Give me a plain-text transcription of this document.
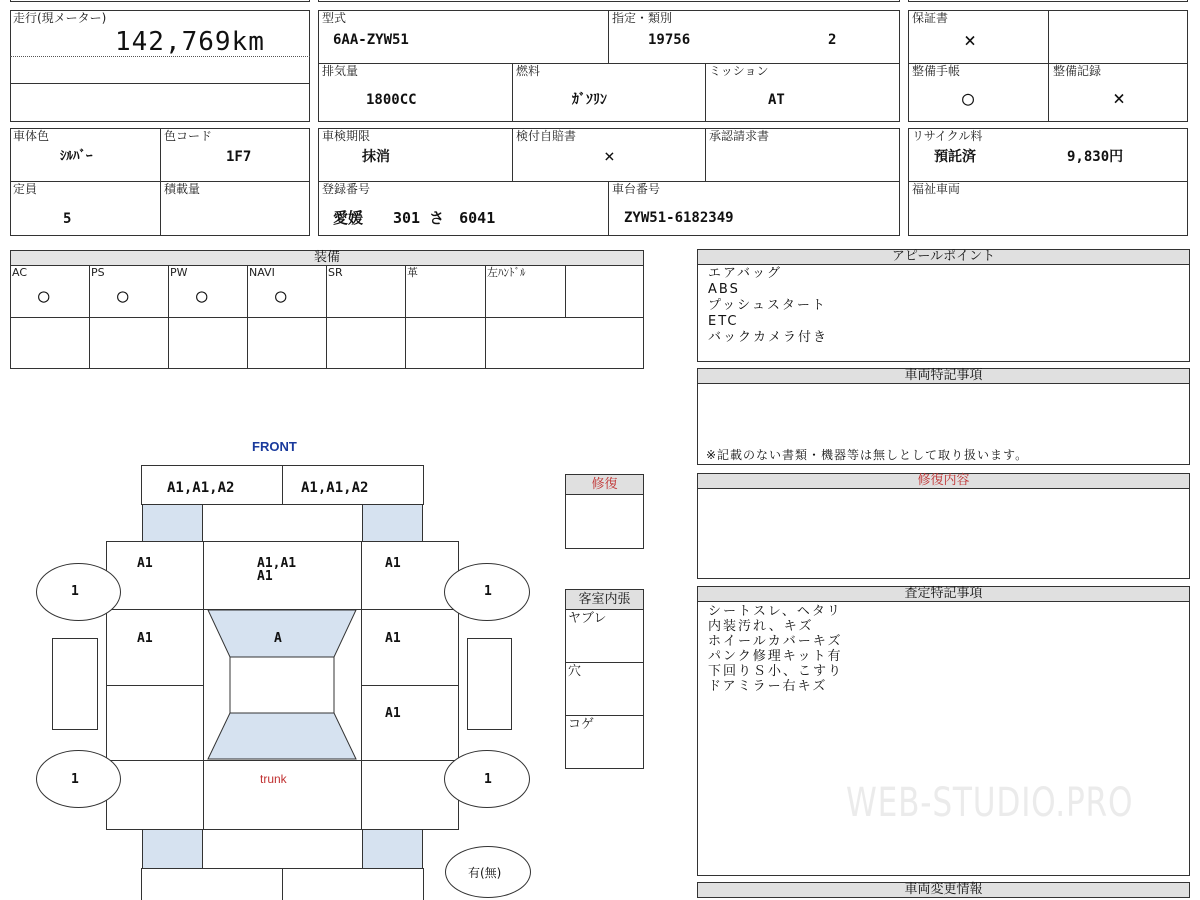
走行(現メーター)
142,769km
型式
6AA-ZYW51
指定・類別
19756	2
排気量
1800CC
燃料
ｶﾞｿﾘﾝ
ミッション
AT
保証書
×
整備手帳
○
整備記録
×
車体色
ｼﾙﾊﾞｰ
色コード
1F7
定員
5
積載量
車検期限
抹消
検付自賠書
×
承認請求書
登録番号
愛媛　　301 さ　6041
車台番号
ZYW51-6182349
リサイクル料
預託済	9,830円
福祉車両
装備
AC
○
PS
○
PW
○
NAVI
○
SR	革	左ﾊﾝﾄﾞﾙ
アピールポイント
エアバッグ
ABS
プッシュスタート
ETC
バックカメラ付き
車両特記事項
※記載のない書類・機器等は無しとして取り扱います。
修復内容
査定特記事項
シートスレ、ヘタリ
内装汚れ、キズ
ホイールカバーキズ
パンク修理キット有
下回りＳ小、こすり
ドアミラー右キズ
WEB-STUDIO.PRO
車両変更情報
修復
客室内張
ヤブレ
穴
コゲ
FRONT
A1,A1,A2	A1,A1,A2
A1	A1,A1
A1
A1
A1	A	A1
A1
trunk
1	1
1	1
有(無)
